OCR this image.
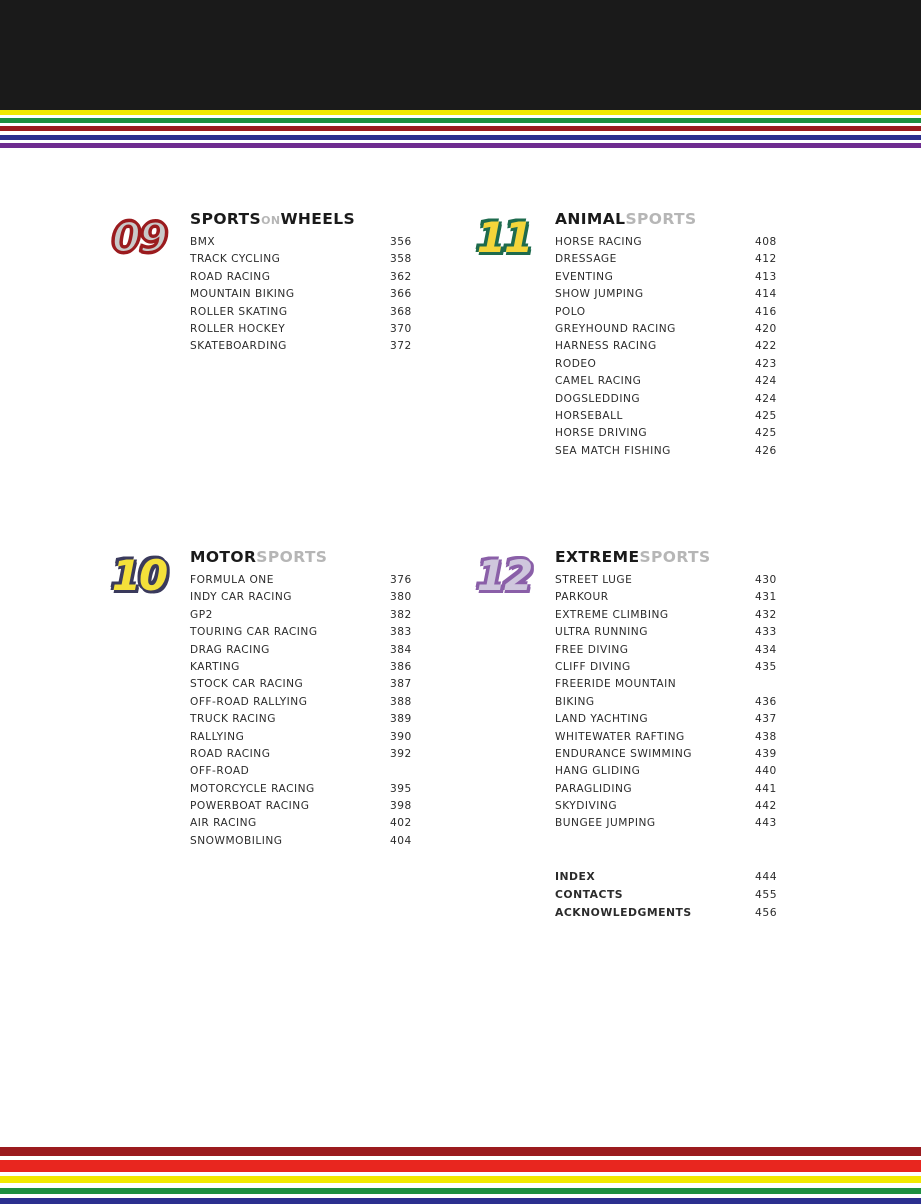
09	SPORTSONWHEELS
BMX	356
TRACK CYCLING	358
ROAD RACING	362
MOUNTAIN BIKING	366
ROLLER SKATING	368
ROLLER HOCKEY	370
SKATEBOARDING	372
10	MOTORSPORTS
FORMULA ONE	376
INDY CAR RACING	380
GP2	382
TOURING CAR RACING	383
DRAG RACING	384
KARTING	386
STOCK CAR RACING	387
OFF-ROAD RALLYING	388
TRUCK RACING	389
RALLYING	390
ROAD RACING	392
OFF-ROAD
MOTORCYCLE RACING	395
POWERBOAT RACING	398
AIR RACING	402
SNOWMOBILING	404
11	ANIMALSPORTS
HORSE RACING	408
DRESSAGE	412
EVENTING	413
SHOW JUMPING	414
POLO	416
GREYHOUND RACING	420
HARNESS RACING	422
RODEO	423
CAMEL RACING	424
DOGSLEDDING	424
HORSEBALL	425
HORSE DRIVING	425
SEA MATCH FISHING	426
12	EXTREMESPORTS
STREET LUGE	430
PARKOUR	431
EXTREME CLIMBING	432
ULTRA RUNNING	433
FREE DIVING	434
CLIFF DIVING	435
FREERIDE MOUNTAIN
BIKING	436
LAND YACHTING	437
WHITEWATER RAFTING	438
ENDURANCE SWIMMING	439
HANG GLIDING	440
PARAGLIDING	441
SKYDIVING	442
BUNGEE JUMPING	443
INDEX	444
CONTACTS	455
ACKNOWLEDGMENTS	456
